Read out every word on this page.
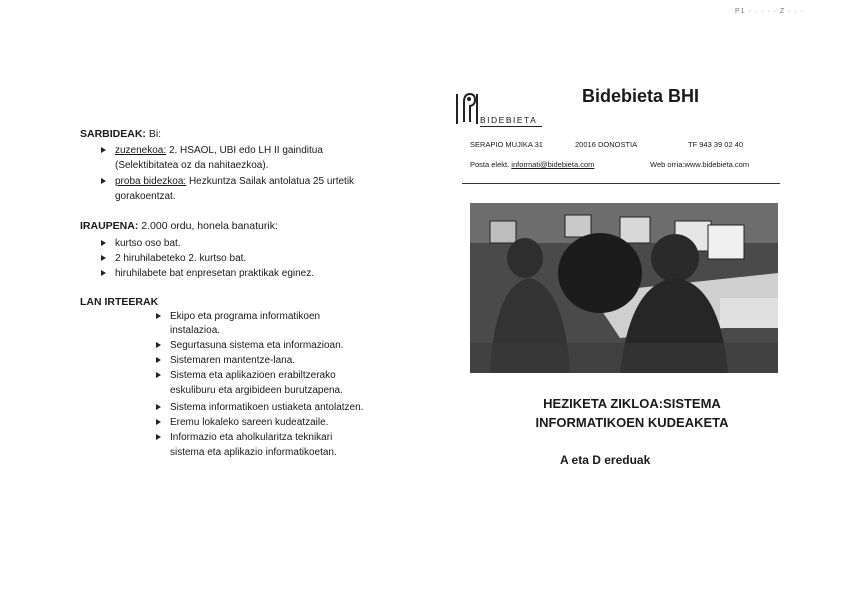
P1 · · · · · Z · · ·
SARBIDEAK: Bi:
zuzenekoa: 2. HSAOL, UBI edo LH II gainditua
(Selektibitatea oz da nahitaezkoa).
proba bidezkoa: Hezkuntza Sailak antolatua 25 urtetik
gorakoentzat.
IRAUPENA: 2.000 ordu, honela banaturik:
kurtso oso bat.
2 hiruhilabeteko 2. kurtso bat.
hiruhilabete bat enpresetan praktikak eginez.
LAN IRTEERAK
Ekipo eta programa informatikoen
instalazioa.
Segurtasuna sistema eta informazioan.
Sistemaren mantentze-lana.
Sistema eta aplikazioen erabiltzerako
eskuliburu eta argibideen burutzapena.
Sistema informatikoen ustiaketa antolatzen.
Eremu lokaleko sareen kudeatzaile.
Informazio eta aholkularitza teknikari
sistema eta aplikazio informatikoetan.
BIDEBIETA
Bidebieta BHI
SERAPIO MUJIKA 31	20016 DONOSTIA	TF 943 39 02 40
Posta elekt. informati@bidebieta.com	Web orria:www.bidebieta.com
HEZIKETA ZIKLOA:SISTEMA
INFORMATIKOEN KUDEAKETA
A eta D ereduak
